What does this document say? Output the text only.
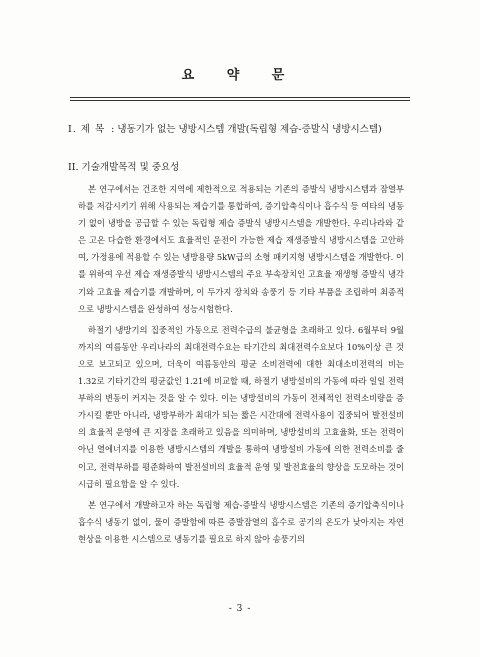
요 약 문
I. 제 목 : 냉동기가 없는 냉방시스템 개발(독립형 제습-증발식 냉방시스템)
II. 기술개발목적 및 중요성

본 연구에서는 건조한 지역에 제한적으로 적용되는 기존의 증발식 냉방시스템과 잠열부하를 저감시키기 위해 사용되는 제습기를 통합하여, 증기압축식이나 흡수식 등 여타의 냉동기 없이 냉방을 공급할 수 있는 독립형 제습 증발식 냉방시스템을 개발한다. 우리나라와 같은 고온 다습한 환경에서도 효율적인 운전이 가능한 제습 재생증발식 냉방시스템을 고안하여, 가정용에 적용할 수 있는 냉방용량 5kW급의 소형 패키지형 냉방시스템을 개발한다. 이를 위하여 우선 제습 재생증발식 냉방시스템의 주요 부속장치인 고효율 재생형 증발식 냉각기와 고효율 제습기를 개발하며, 이 두가지 장치와 송풍기 등 기타 부품을 조립하여 최종적으로 냉방시스템을 완성하여 성능시험한다.

하절기 냉방기의 집중적인 가동으로 전력수급의 불균형을 초래하고 있다. 6월부터 9월까지의 여름동안 우리나라의 최대전력수요는 타기간의 최대전력수요보다 10%이상 큰 것으로 보고되고 있으며, 더욱이 여름동안의 평균 소비전력에 대한 최대소비전력의 비는 1.32로 기타기간의 평균값인 1.21에 비교할 때, 하절기 냉방설비의 가동에 따라 일일 전력부하의 변동이 커지는 것을 알 수 있다. 이는 냉방설비의 가동이 전체적인 전력소비량을 증가시킬 뿐만 아니라, 냉방부하가 최대가 되는 짧은 시간대에 전력사용이 집중되어 발전설비의 효율적 운영에 큰 지장을 초래하고 있음을 의미하며, 냉방설비의 고효율화, 또는 전력이 아닌 열에너지를 이용한 냉방시스템의 개발을 통하여 냉방설비 가동에 의한 전력소비를 줄이고, 전력부하를 평준화하여 발전설비의 효율적 운영 및 발전효율의 향상을 도모하는 것이 시급히 필요함을 알 수 있다.

본 연구에서 개발하고자 하는 독립형 제습-증발식 냉방시스템은 기존의 증기압축식이나 흡수식 냉동기 없이, 물이 증발함에 따른 증발잠열의 흡수로 공기의 온도가 낮아지는 자연현상을 이용한 시스템으로 냉동기를 필요로 하지 않아 송풍기의

- 3 -
